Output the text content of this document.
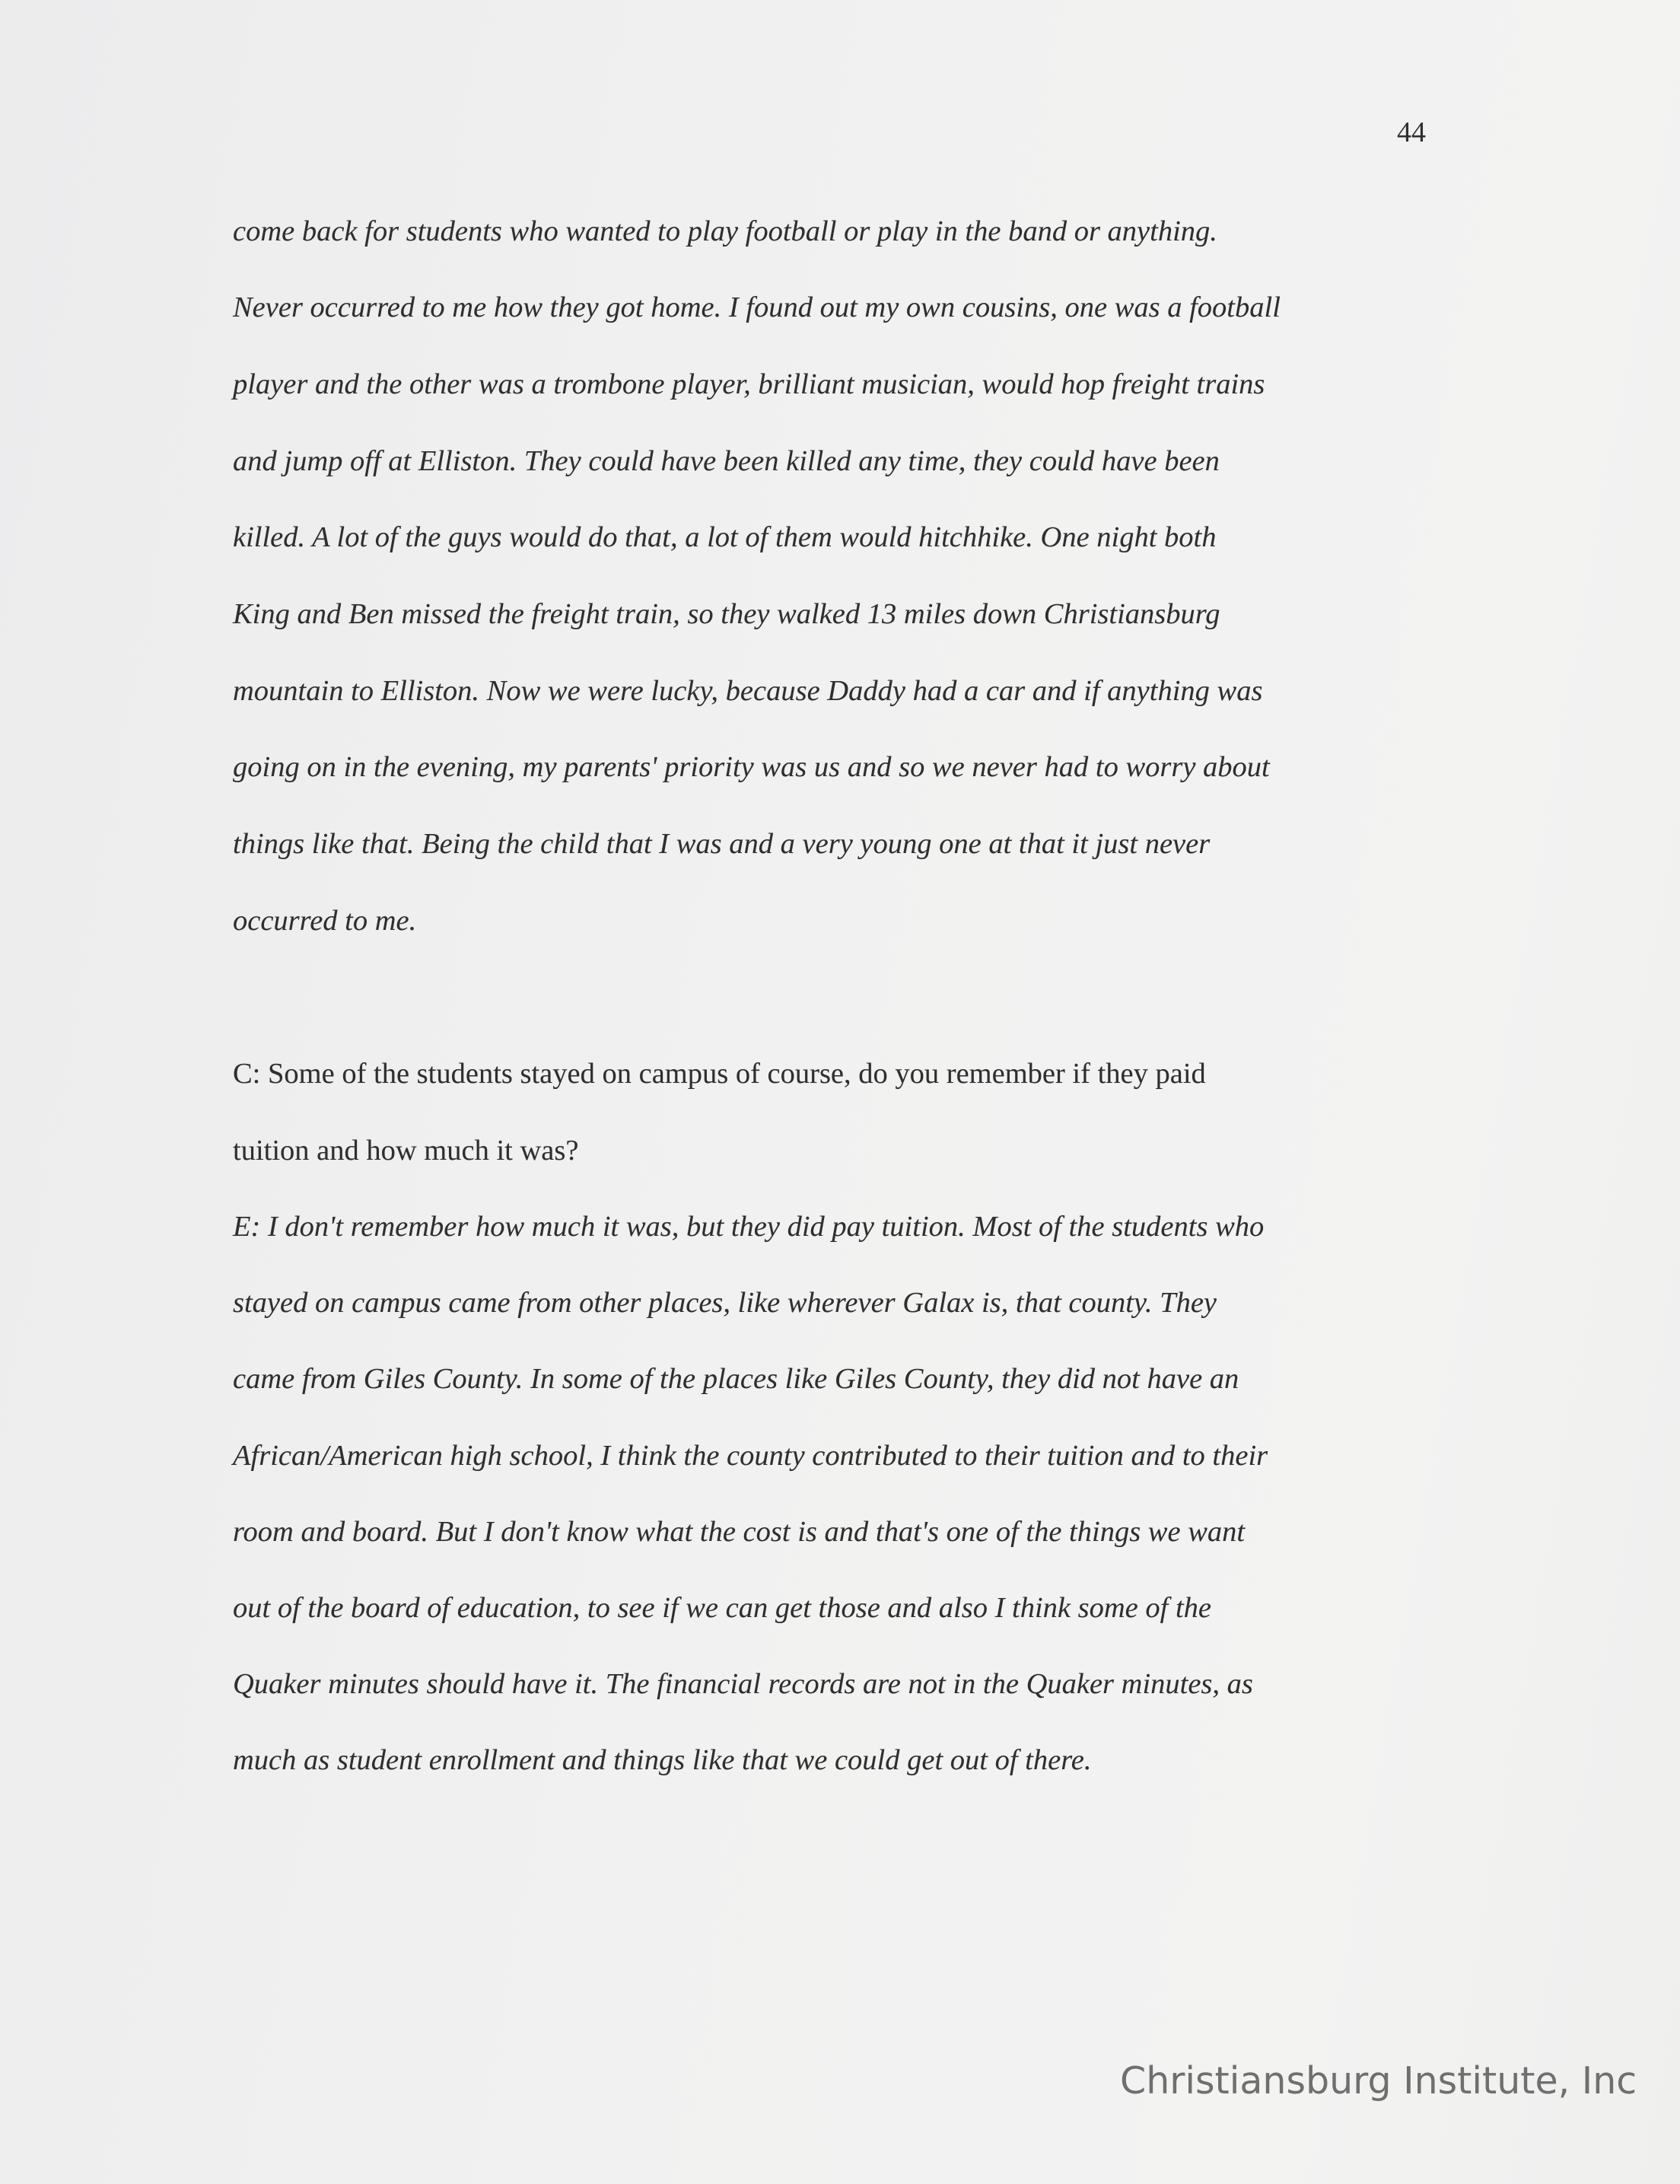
44
come back for students who wanted to play football or play in the band or anything.
Never occurred to me how they got home. I found out my own cousins, one was a football
player and the other was a trombone player, brilliant musician, would hop freight trains
and jump off at Elliston. They could have been killed any time, they could have been
killed. A lot of the guys would do that, a lot of them would hitchhike. One night both
King and Ben missed the freight train, so they walked 13 miles down Christiansburg
mountain to Elliston. Now we were lucky, because Daddy had a car and if anything was
going on in the evening, my parents' priority was us and so we never had to worry about
things like that. Being the child that I was and a very young one at that it just never
occurred to me.
C: Some of the students stayed on campus of course, do you remember if they paid
tuition and how much it was?
E: I don't remember how much it was, but they did pay tuition. Most of the students who
stayed on campus came from other places, like wherever Galax is, that county. They
came from Giles County. In some of the places like Giles County, they did not have an
African/American high school, I think the county contributed to their tuition and to their
room and board. But I don't know what the cost is and that's one of the things we want
out of the board of education, to see if we can get those and also I think some of the
Quaker minutes should have it. The financial records are not in the Quaker minutes, as
much as student enrollment and things like that we could get out of there.
Christiansburg Institute, Inc
